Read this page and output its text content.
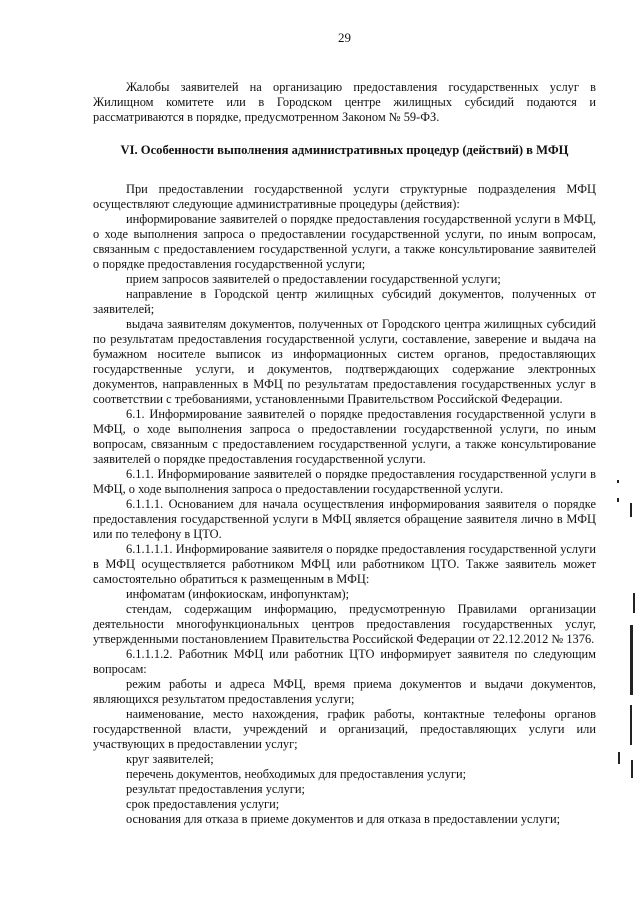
29

Жалобы заявителей на организацию предоставления государственных услуг в Жилищном комитете или в Городском центре жилищных субсидий подаются и рассматриваются в порядке, предусмотренном Законом № 59-ФЗ.

VI. Особенности выполнения административных процедур (действий) в МФЦ

При предоставлении государственной услуги структурные подразделения МФЦ осуществляют следующие административные процедуры (действия):

информирование заявителей о порядке предоставления государственной услуги в МФЦ, о ходе выполнения запроса о предоставлении государственной услуги, по иным вопросам, связанным с предоставлением государственной услуги, а также консультирование заявителей о порядке предоставления государственной услуги;

прием запросов заявителей о предоставлении государственной услуги;

направление в Городской центр жилищных субсидий документов, полученных от заявителей;

выдача заявителям документов, полученных от Городского центра жилищных субсидий по результатам предоставления государственной услуги, составление, заверение и выдача на бумажном носителе выписок из информационных систем органов, предоставляющих государственные услуги, и документов, подтверждающих содержание электронных документов, направленных в МФЦ по результатам предоставления государственных услуг в соответствии с требованиями, установленными Правительством Российской Федерации.

6.1. Информирование заявителей о порядке предоставления государственной услуги в МФЦ, о ходе выполнения запроса о предоставлении государственной услуги, по иным вопросам, связанным с предоставлением государственной услуги, а также консультирование заявителей о порядке предоставления государственной услуги.

6.1.1. Информирование заявителей о порядке предоставления государственной услуги в МФЦ, о ходе выполнения запроса о предоставлении государственной услуги.

6.1.1.1. Основанием для начала осуществления информирования заявителя о порядке предоставления государственной услуги в МФЦ является обращение заявителя лично в МФЦ или по телефону в ЦТО.

6.1.1.1.1. Информирование заявителя о порядке предоставления государственной услуги в МФЦ осуществляется работником МФЦ или работником ЦТО. Также заявитель может самостоятельно обратиться к размещенным в МФЦ:

инфоматам (инфокиоскам, инфопунктам);

стендам, содержащим информацию, предусмотренную Правилами организации деятельности многофункциональных центров предоставления государственных услуг, утвержденными постановлением Правительства Российской Федерации от 22.12.2012 № 1376.

6.1.1.1.2. Работник МФЦ или работник ЦТО информирует заявителя по следующим вопросам:

режим работы и адреса МФЦ, время приема документов и выдачи документов, являющихся результатом предоставления услуги;

наименование, место нахождения, график работы, контактные телефоны органов государственной власти, учреждений и организаций, предоставляющих услуги или участвующих в предоставлении услуг;

круг заявителей;

перечень документов, необходимых для предоставления услуги;

результат предоставления услуги;

срок предоставления услуги;

основания для отказа в приеме документов и для отказа в предоставлении услуги;
